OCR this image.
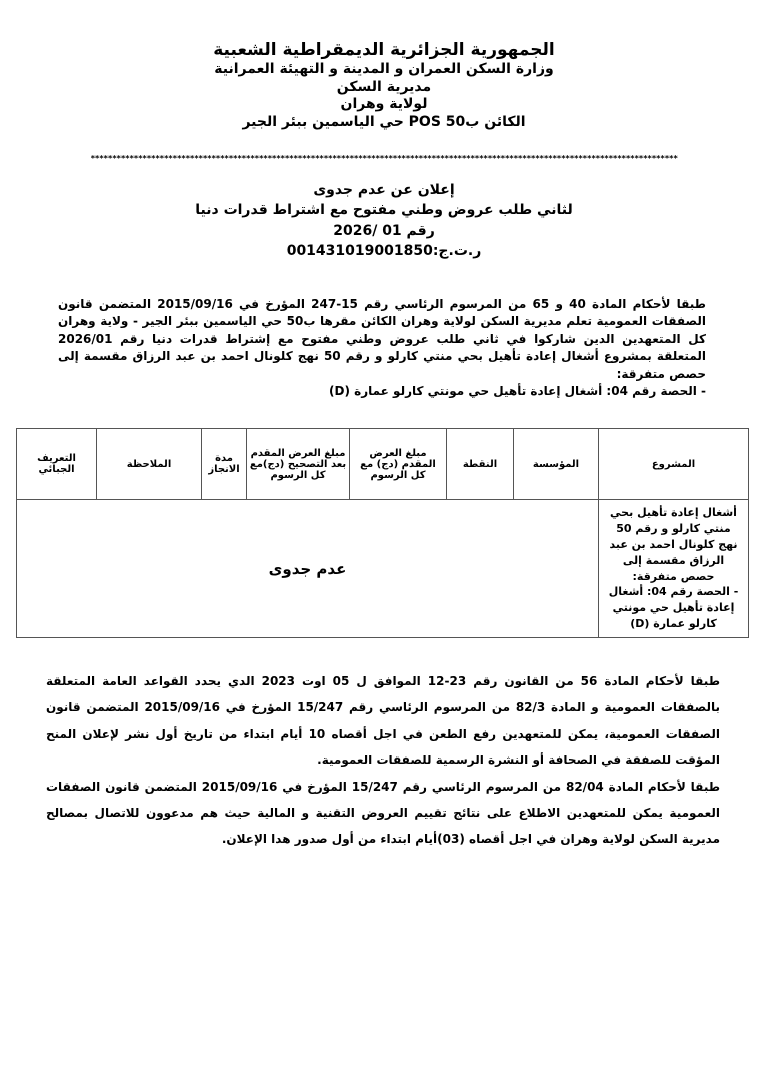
الجمهورية الجزائرية الديمقراطية الشعبية
وزارة السكن العمران و المدينة و التهيئة العمرانية
مديرية السكن
لولاية وهران
الكائن ب50 POS حي الياسمين ببئر الجير
****************************************************************************************************************************************
إعلان عن عدم جدوى
لثاني طلب عروض وطني مفتوح مع اشتراط قدرات دنيا
رقم 01 /2026
ر.ت.ج:001431019001850

طبقا لأحكام المادة 40 و 65 من المرسوم الرئاسي رقم 15-247 المؤرخ في 2015/09/16 المتضمن قانون الصفقات العمومية تعلم مديرية السكن لولاية وهران الكائن مقرها ب50 حي الياسمين ببئر الجير - ولاية وهران كل المتعهدين الدين شاركوا في ثاني طلب عروض وطني مفتوح مع إشتراط قدرات دنيا رقم 2026/01 المتعلقة بمشروع أشغال إعادة تأهيل بحي منتي كارلو و رقم 50 نهج كلونال احمد بن عبد الرزاق مقسمة إلى حصص متفرقة:

- الحصة رقم 04: أشغال إعادة تأهيل حي مونتي كارلو عمارة (D)

المشروع	المؤسسة	النقطة	مبلغ العرض المقدم (دج) مع كل الرسوم	مبلغ العرض المقدم بعد التصحيح (دج)مع كل الرسوم	مدة الانجاز	الملاحظة	التعريف الجبائي

أشغال إعادة تأهيل بحي منتي كارلو و رقم 50 نهج كلونال احمد بن عبد الرزاق مقسمة إلى حصص متفرقة:
- الحصة رقم 04: أشغال إعادة تأهيل حي مونتي كارلو عمارة (D)	عدم جدوى						

طبقا لأحكام المادة 56 من القانون رقم 23-12 الموافق ل 05 اوت 2023 الدي يحدد القواعد العامة المتعلقة بالصفقات العمومية و المادة 82/3 من المرسوم الرئاسي رقم 15/247 المؤرخ في 2015/09/16 المتضمن قانون الصفقات العمومية، يمكن للمتعهدين رفع الطعن في اجل أقصاه 10 أيام ابتداء من تاريخ أول نشر لإعلان المنح المؤقت للصفقة في الصحافة أو النشرة الرسمية للصفقات العمومية.

طبقا لأحكام المادة 82/04 من المرسوم الرئاسي رقم 15/247 المؤرخ في 2015/09/16 المتضمن قانون الصفقات العمومية يمكن للمتعهدين الاطلاع على نتائج تقييم العروض التقنية و المالية حيث هم مدعوون للاتصال بمصالح مديرية السكن لولاية وهران في اجل أقصاه (03)أيام ابتداء من أول صدور هدا الإعلان.
